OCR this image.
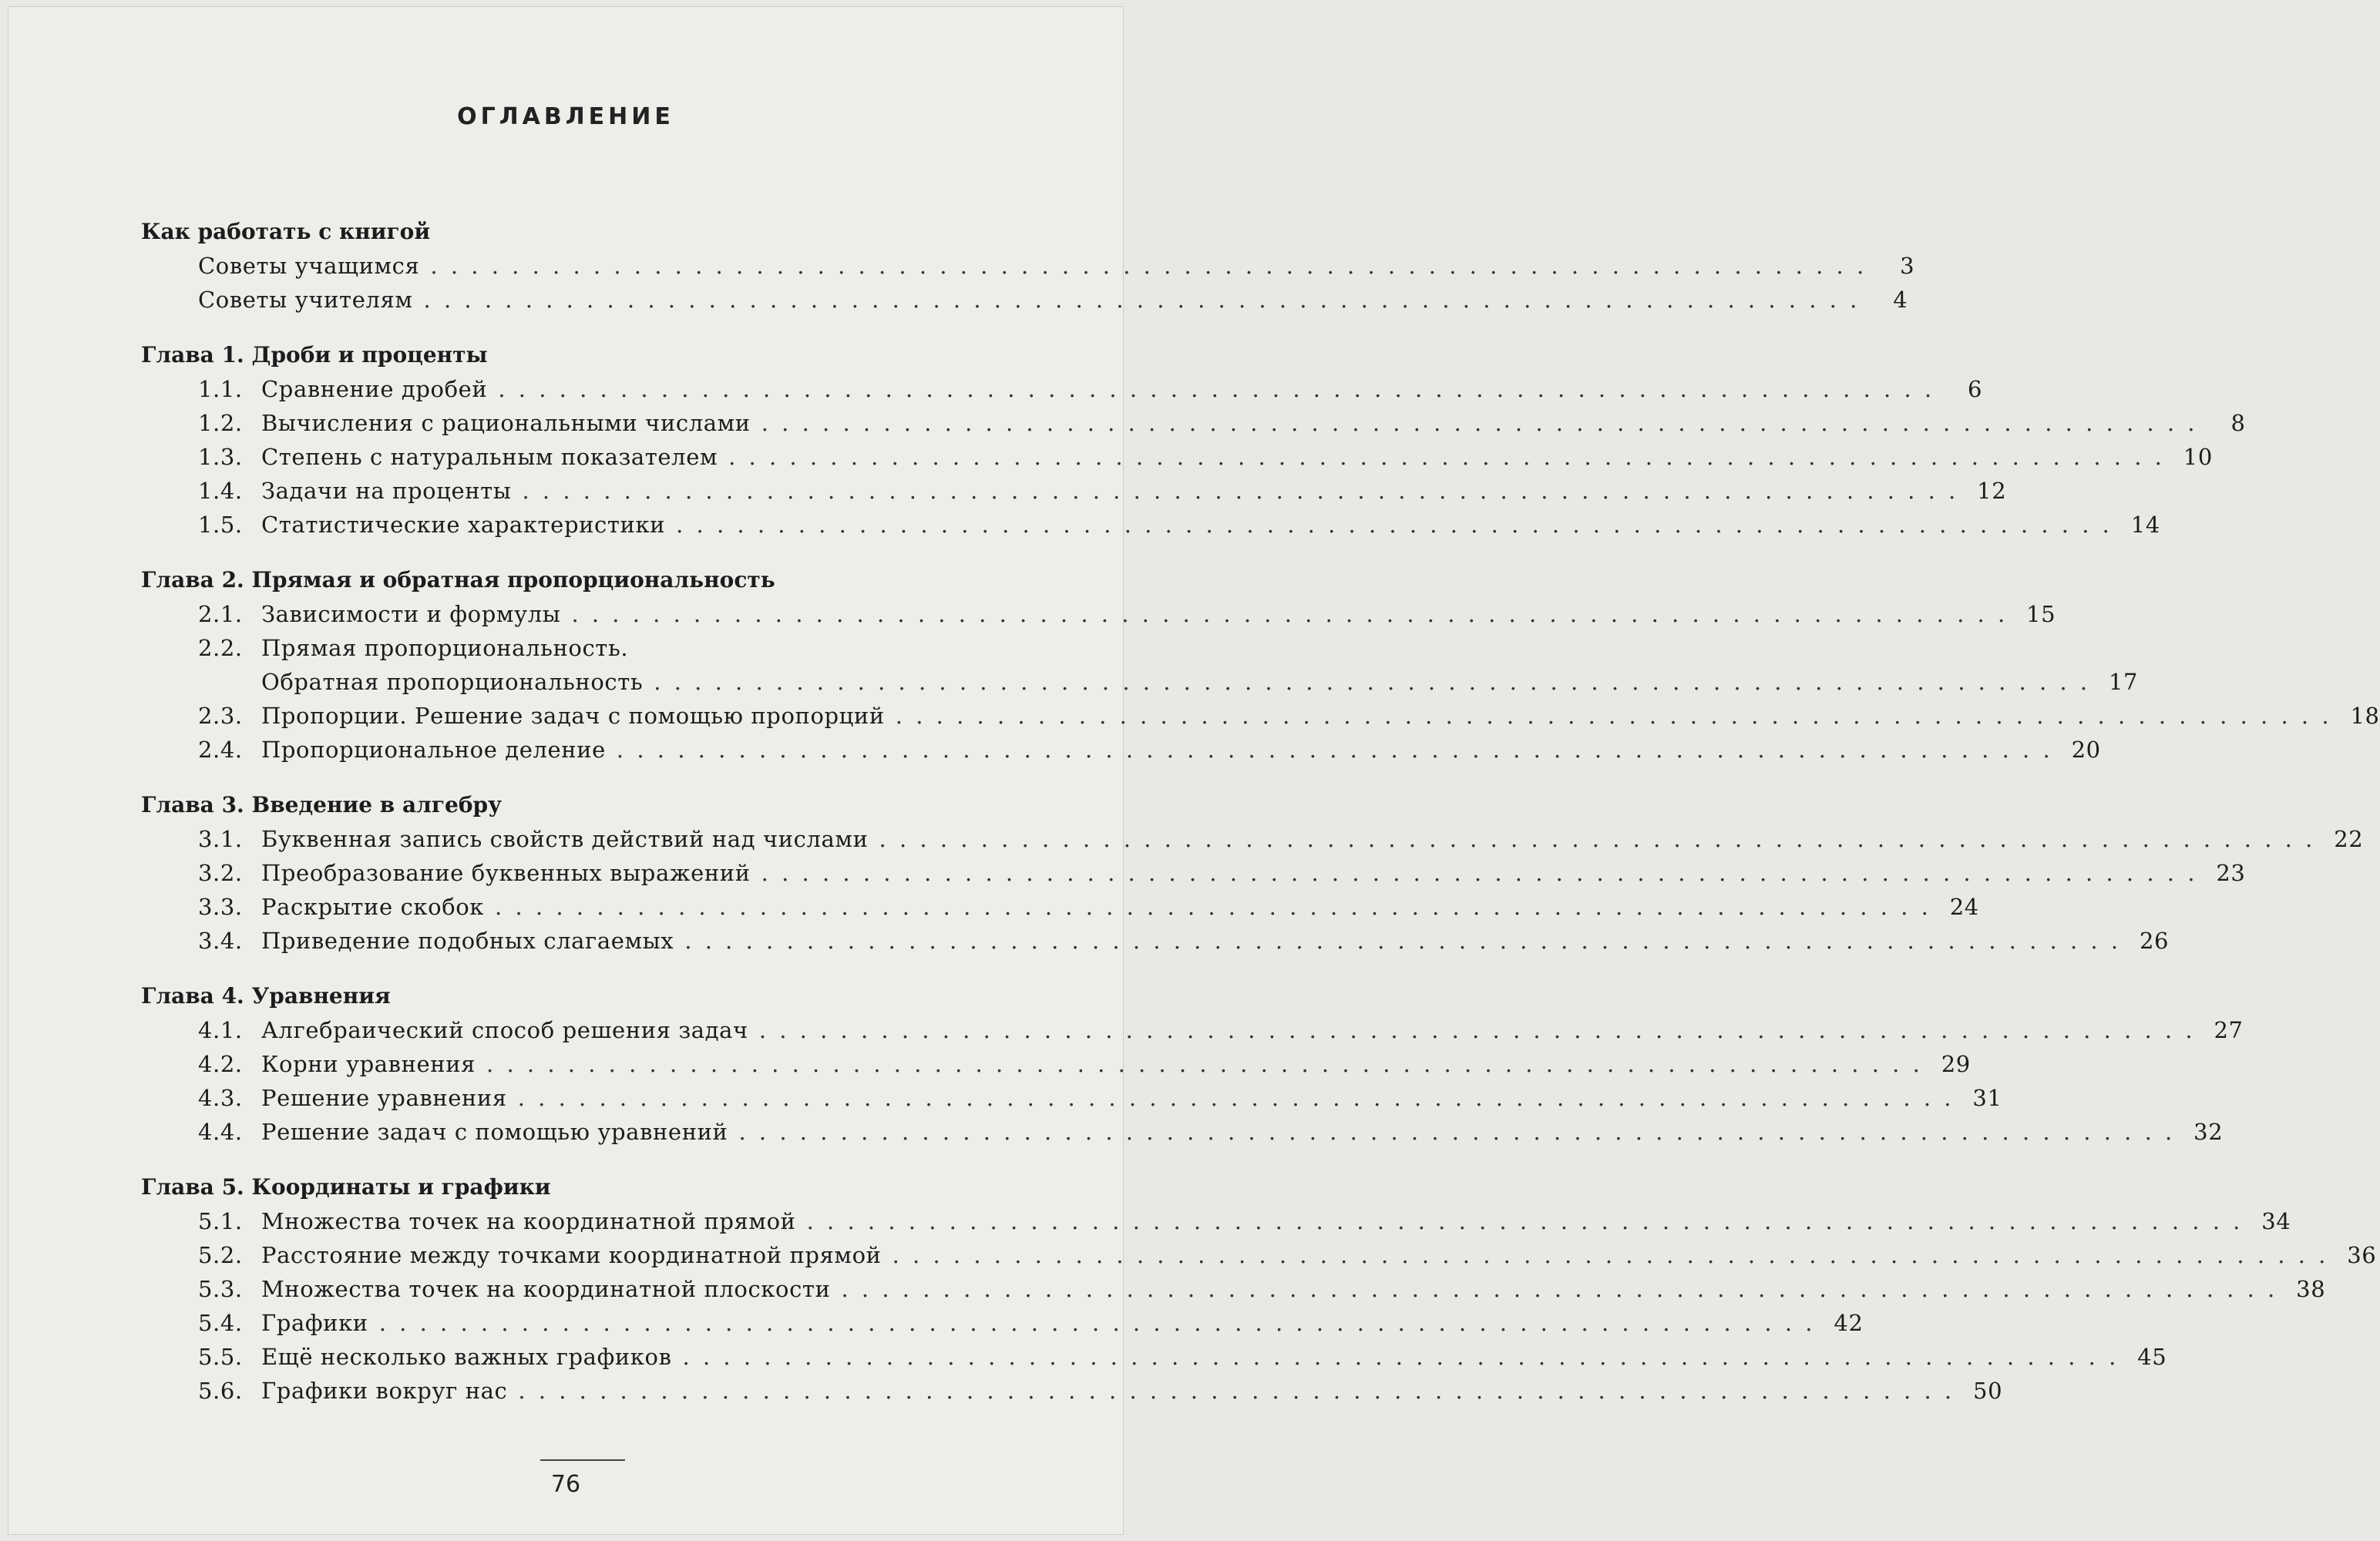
ОГЛАВЛЕНИЕ
Как работать с книгой
Советы учащимся . . . . . . . . . . . . . . . . . . . . . . . . . . . . . . . . . . . . . . . . . . . . . . . . . . . . . . . . . . . . . . . . . . . . . . .	3
Советы учителям . . . . . . . . . . . . . . . . . . . . . . . . . . . . . . . . . . . . . . . . . . . . . . . . . . . . . . . . . . . . . . . . . . . . . . .	4
Глава 1. Дроби и проценты
1.1. Сравнение дробей . . . . . . . . . . . . . . . . . . . . . . . . . . . . . . . . . . . . . . . . . . . . . . . . . . . . . . . . . . . . . . . . . . . . . . .	6
1.2. Вычисления с рациональными числами . . . . . . . . . . . . . . . . . . . . . . . . . . . . . . . . . . . . . . . . . . . . . . . . . . . . . . . . . . . . . . . . . . . . . . .	8
1.3. Степень с натуральным показателем . . . . . . . . . . . . . . . . . . . . . . . . . . . . . . . . . . . . . . . . . . . . . . . . . . . . . . . . . . . . . . . . . . . . . . . 10
1.4. Задачи на проценты . . . . . . . . . . . . . . . . . . . . . . . . . . . . . . . . . . . . . . . . . . . . . . . . . . . . . . . . . . . . . . . . . . . . . . . 12
1.5. Статистические характеристики . . . . . . . . . . . . . . . . . . . . . . . . . . . . . . . . . . . . . . . . . . . . . . . . . . . . . . . . . . . . . . . . . . . . . . . 14
Глава 2. Прямая и обратная пропорциональность
2.1. Зависимости и формулы . . . . . . . . . . . . . . . . . . . . . . . . . . . . . . . . . . . . . . . . . . . . . . . . . . . . . . . . . . . . . . . . . . . . . . . 15
2.2. Прямая пропорциональность.
Обратная пропорциональность . . . . . . . . . . . . . . . . . . . . . . . . . . . . . . . . . . . . . . . . . . . . . . . . . . . . . . . . . . . . . . . . . . . . . . . 17
2.3. Пропорции. Решение задач с помощью пропорций . . . . . . . . . . . . . . . . . . . . . . . . . . . . . . . . . . . . . . . . . . . . . . . . . . . . . . . . . . . . . . . . . . . . . . . 18
2.4. Пропорциональное деление . . . . . . . . . . . . . . . . . . . . . . . . . . . . . . . . . . . . . . . . . . . . . . . . . . . . . . . . . . . . . . . . . . . . . . . 20
Глава 3. Введение в алгебру
3.1. Буквенная запись свойств действий над числами . . . . . . . . . . . . . . . . . . . . . . . . . . . . . . . . . . . . . . . . . . . . . . . . . . . . . . . . . . . . . . . . . . . . . . . 22
3.2. Преобразование буквенных выражений . . . . . . . . . . . . . . . . . . . . . . . . . . . . . . . . . . . . . . . . . . . . . . . . . . . . . . . . . . . . . . . . . . . . . . . 23
3.3. Раскрытие скобок . . . . . . . . . . . . . . . . . . . . . . . . . . . . . . . . . . . . . . . . . . . . . . . . . . . . . . . . . . . . . . . . . . . . . . . 24
3.4. Приведение подобных слагаемых . . . . . . . . . . . . . . . . . . . . . . . . . . . . . . . . . . . . . . . . . . . . . . . . . . . . . . . . . . . . . . . . . . . . . . . 26
Глава 4. Уравнения
4.1. Алгебраический способ решения задач . . . . . . . . . . . . . . . . . . . . . . . . . . . . . . . . . . . . . . . . . . . . . . . . . . . . . . . . . . . . . . . . . . . . . . . 27
4.2. Корни уравнения . . . . . . . . . . . . . . . . . . . . . . . . . . . . . . . . . . . . . . . . . . . . . . . . . . . . . . . . . . . . . . . . . . . . . . . 29
4.3. Решение уравнения . . . . . . . . . . . . . . . . . . . . . . . . . . . . . . . . . . . . . . . . . . . . . . . . . . . . . . . . . . . . . . . . . . . . . . . 31
4.4. Решение задач с помощью уравнений . . . . . . . . . . . . . . . . . . . . . . . . . . . . . . . . . . . . . . . . . . . . . . . . . . . . . . . . . . . . . . . . . . . . . . . 32
Глава 5. Координаты и графики
5.1. Множества точек на координатной прямой . . . . . . . . . . . . . . . . . . . . . . . . . . . . . . . . . . . . . . . . . . . . . . . . . . . . . . . . . . . . . . . . . . . . . . . 34
5.2. Расстояние между точками координатной прямой . . . . . . . . . . . . . . . . . . . . . . . . . . . . . . . . . . . . . . . . . . . . . . . . . . . . . . . . . . . . . . . . . . . . . . . 36
5.3. Множества точек на координатной плоскости . . . . . . . . . . . . . . . . . . . . . . . . . . . . . . . . . . . . . . . . . . . . . . . . . . . . . . . . . . . . . . . . . . . . . . . 38
5.4. Графики . . . . . . . . . . . . . . . . . . . . . . . . . . . . . . . . . . . . . . . . . . . . . . . . . . . . . . . . . . . . . . . . . . . . . . . 42
5.5. Ещё несколько важных графиков . . . . . . . . . . . . . . . . . . . . . . . . . . . . . . . . . . . . . . . . . . . . . . . . . . . . . . . . . . . . . . . . . . . . . . . 45
5.6. Графики вокруг нас . . . . . . . . . . . . . . . . . . . . . . . . . . . . . . . . . . . . . . . . . . . . . . . . . . . . . . . . . . . . . . . . . . . . . . . 50
76
